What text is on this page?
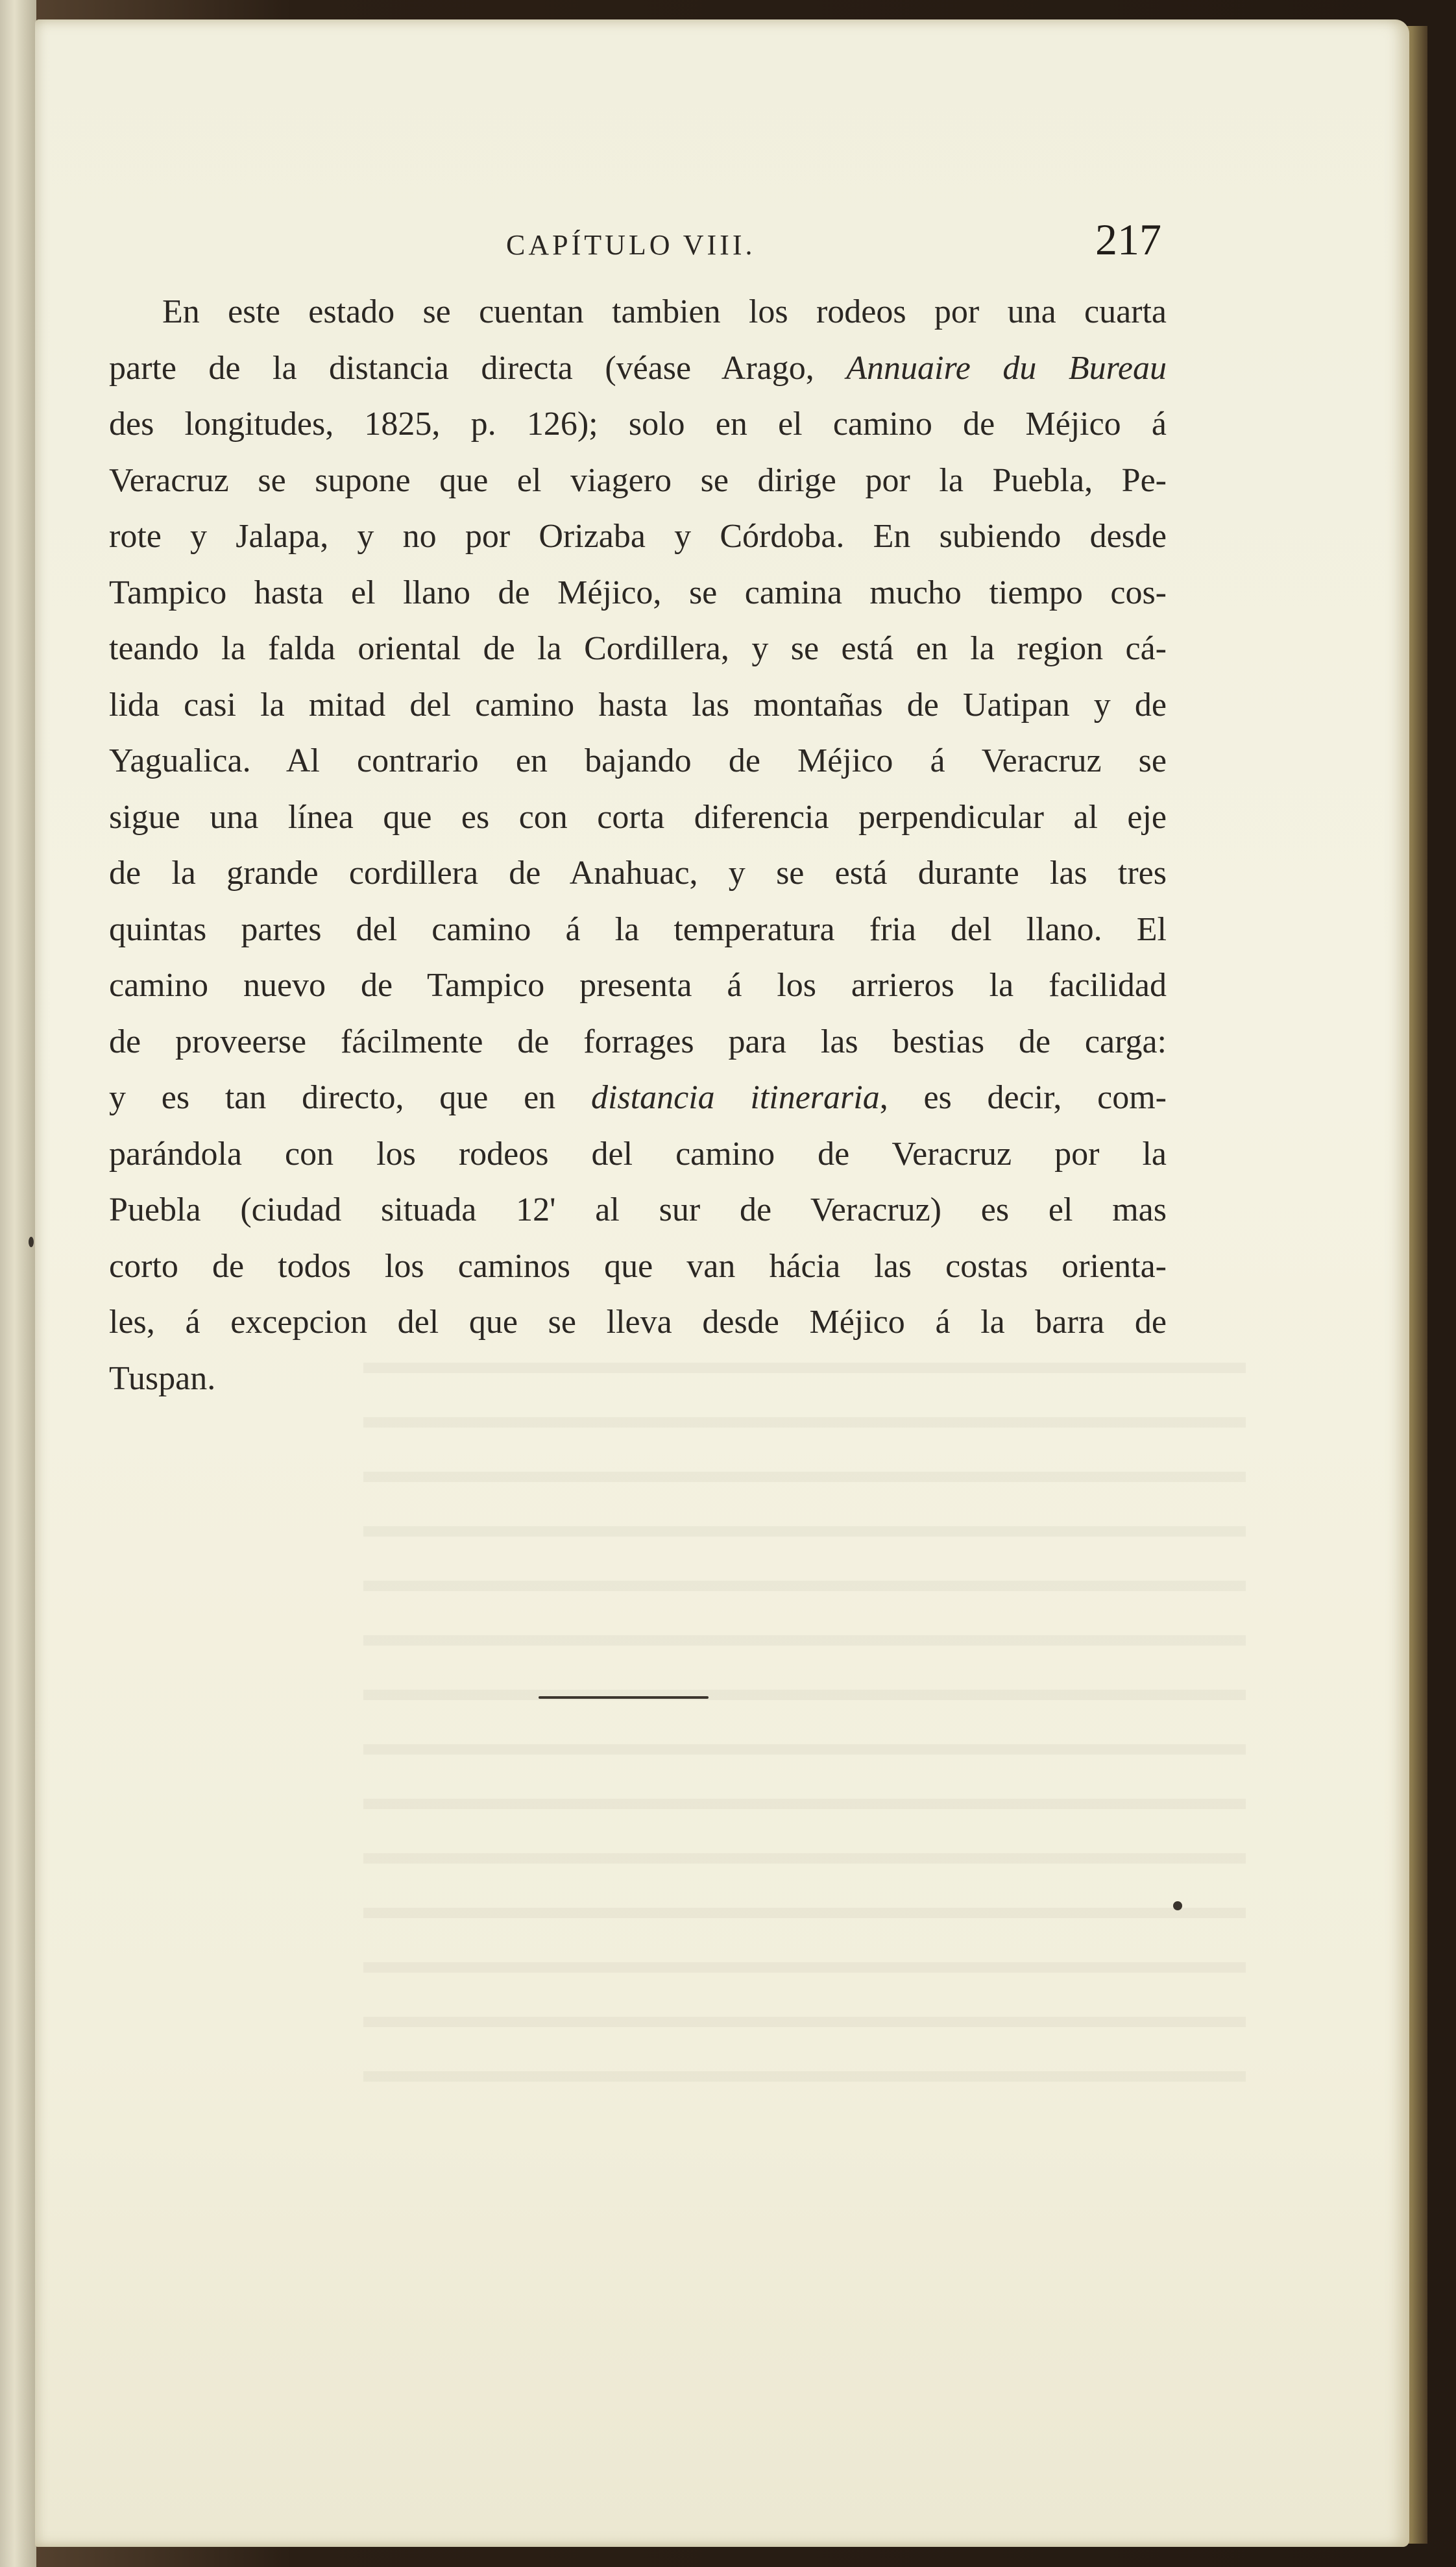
CAPÍTULO VIII.	217
En este estado se cuentan tambien los rodeos por una cuarta
parte de la distancia directa (véase Arago, Annuaire du Bureau
des longitudes, 1825, p. 126); solo en el camino de Méjico á
Veracruz se supone que el viagero se dirige por la Puebla, Pe-
rote y Jalapa, y no por Orizaba y Córdoba. En subiendo desde
Tampico hasta el llano de Méjico, se camina mucho tiempo cos-
teando la falda oriental de la Cordillera, y se está en la region cá-
lida casi la mitad del camino hasta las montañas de Uatipan y de
Yagualica. Al contrario en bajando de Méjico á Veracruz se
sigue una línea que es con corta diferencia perpendicular al eje
de la grande cordillera de Anahuac, y se está durante las tres
quintas partes del camino á la temperatura fria del llano. El
camino nuevo de Tampico presenta á los arrieros la facilidad
de proveerse fácilmente de forrages para las bestias de carga:
y es tan directo, que en distancia itineraria, es decir, com-
parándola con los rodeos del camino de Veracruz por la
Puebla (ciudad situada 12' al sur de Veracruz) es el mas
corto de todos los caminos que van hácia las costas orienta-
les, á excepcion del que se lleva desde Méjico á la barra de
Tuspan.
